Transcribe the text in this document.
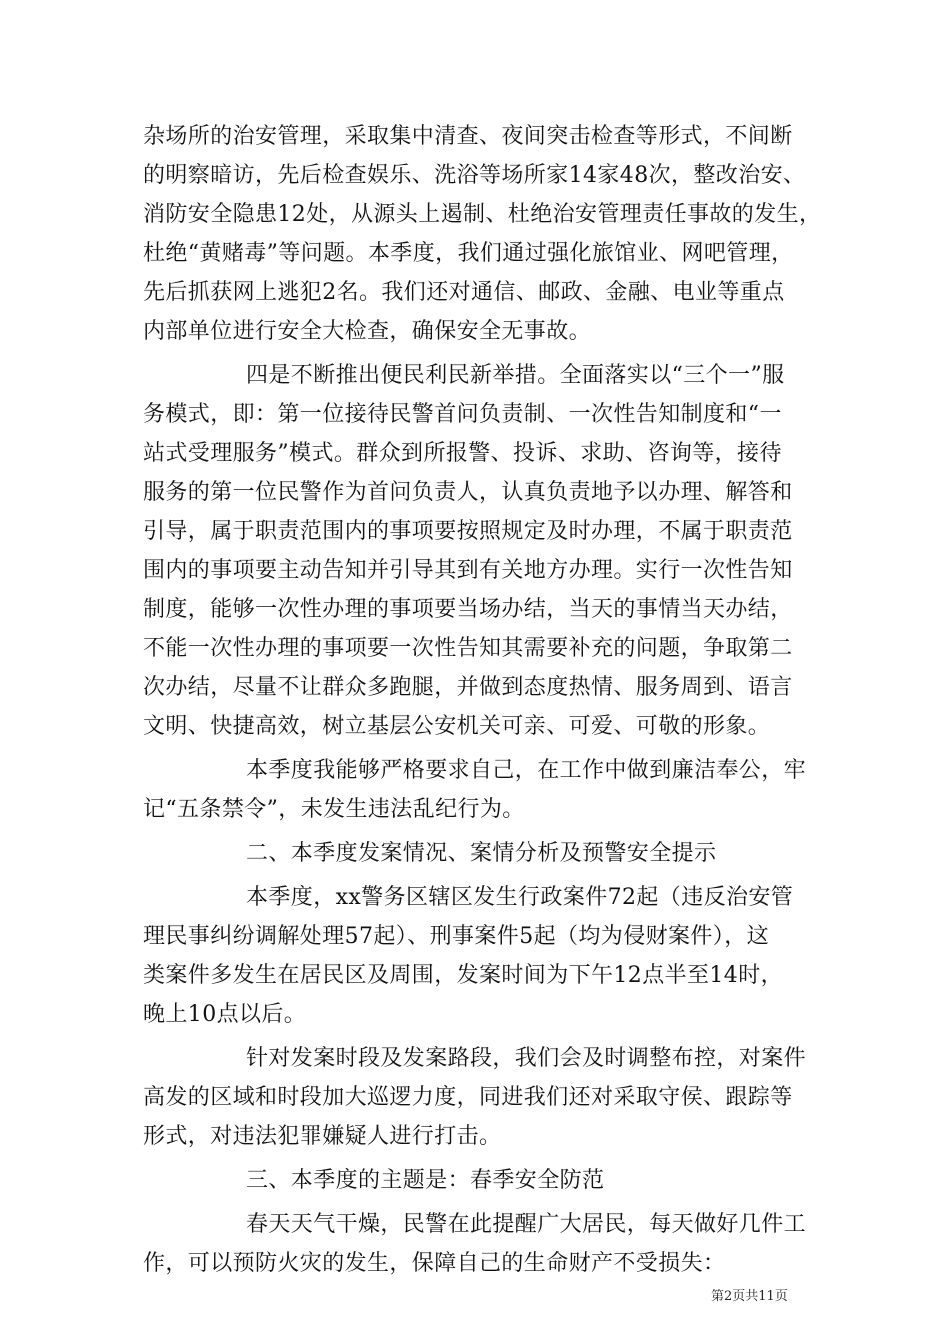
杂场所的治安管理，采取集中清查、夜间突击检查等形式，不间断
的明察暗访，先后检查娱乐、洗浴等场所家14家48次，整改治安、
消防安全隐患12处，从源头上遏制、杜绝治安管理责任事故的发生，
杜绝“黄赌毒”等问题。本季度，我们通过强化旅馆业、网吧管理，
先后抓获网上逃犯2名。我们还对通信、邮政、金融、电业等重点
内部单位进行安全大检查，确保安全无事故。
四是不断推出便民利民新举措。全面落实以“三个一”服
务模式，即：第一位接待民警首问负责制、一次性告知制度和“一
站式受理服务”模式。群众到所报警、投诉、求助、咨询等，接待
服务的第一位民警作为首问负责人，认真负责地予以办理、解答和
引导，属于职责范围内的事项要按照规定及时办理，不属于职责范
围内的事项要主动告知并引导其到有关地方办理。实行一次性告知
制度，能够一次性办理的事项要当场办结，当天的事情当天办结，
不能一次性办理的事项要一次性告知其需要补充的问题，争取第二
次办结，尽量不让群众多跑腿，并做到态度热情、服务周到、语言
文明、快捷高效，树立基层公安机关可亲、可爱、可敬的形象。
本季度我能够严格要求自己，在工作中做到廉洁奉公，牢
记“五条禁令”，未发生违法乱纪行为。
二、本季度发案情况、案情分析及预警安全提示
本季度，xx警务区辖区发生行政案件72起（违反治安管
理民事纠纷调解处理57起）、刑事案件5起（均为侵财案件），这
类案件多发生在居民区及周围，发案时间为下午12点半至14时，
晚上10点以后。
针对发案时段及发案路段，我们会及时调整布控，对案件
高发的区域和时段加大巡逻力度，同进我们还对采取守侯、跟踪等
形式，对违法犯罪嫌疑人进行打击。
三、本季度的主题是：春季安全防范
春天天气干燥，民警在此提醒广大居民，每天做好几件工
作，可以预防火灾的发生，保障自己的生命财产不受损失：
第2页共11页
